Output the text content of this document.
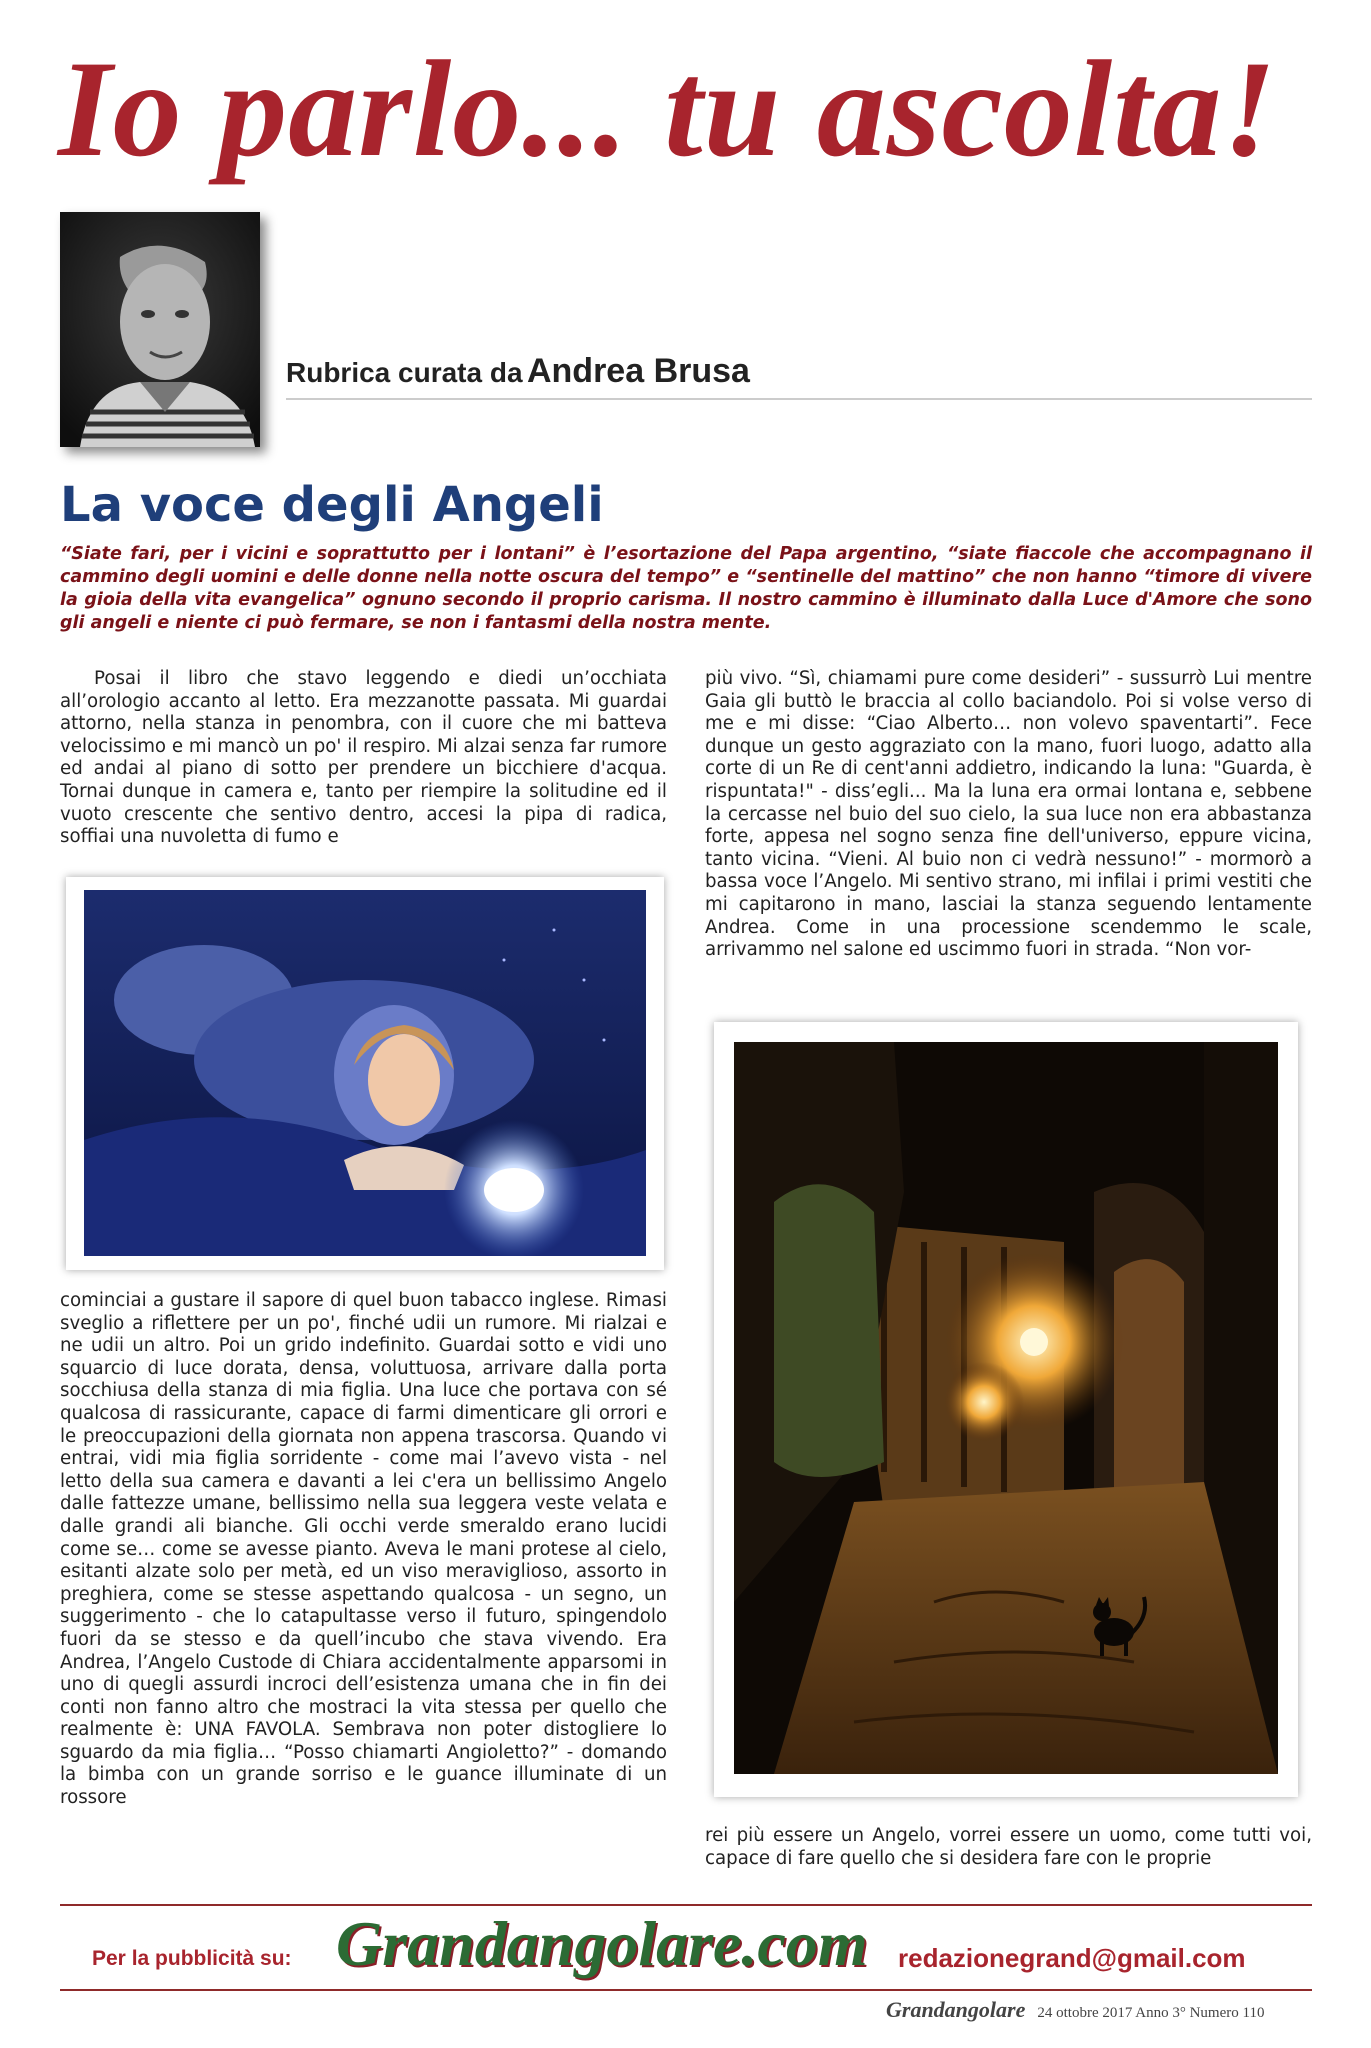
Io parlo... tu ascolta!
Rubrica curata da Andrea Brusa
La voce degli Angeli

“Siate fari, per i vicini e soprattutto per i lontani” è l’esortazione del Papa argentino, “siate fiaccole che accompagnano il cammino degli uomini e delle donne nella notte oscura del tempo” e “sentinelle del mattino” che non hanno “timore di vivere la gioia della vita evangelica” ognuno secondo il proprio carisma. Il nostro cammino è illuminato dalla Luce d'Amore che sono gli angeli e niente ci può fermare, se non i fantasmi della nostra mente.

Posai il libro che stavo leggendo e diedi un’occhiata all’orologio accanto al letto. Era mezzanotte passata. Mi guardai attorno, nella stanza in penombra, con il cuore che mi batteva velocissimo e mi mancò un po' il respiro. Mi alzai senza far rumore ed andai al piano di sotto per prendere un bicchiere d'acqua. Tornai dunque in camera e, tanto per riempire la solitudine ed il vuoto crescente che sentivo dentro, accesi la pipa di radica, soffiai una nuvoletta di fumo e

cominciai a gustare il sapore di quel buon tabacco inglese. Rimasi sveglio a riflettere per un po', finché udii un rumore. Mi rialzai e ne udii un altro. Poi un grido indefinito. Guardai sotto e vidi uno squarcio di luce dorata, densa, voluttuosa, arrivare dalla porta socchiusa della stanza di mia figlia. Una luce che portava con sé qualcosa di rassicurante, capace di farmi dimenticare gli orrori e le preoccupazioni della giornata non appena trascorsa. Quando vi entrai, vidi mia figlia sorridente - come mai l’avevo vista - nel letto della sua camera e davanti a lei c'era un bellissimo Angelo dalle fattezze umane, bellissimo nella sua leggera veste velata e dalle grandi ali bianche. Gli occhi verde smeraldo erano lucidi come se… come se avesse pianto. Aveva le mani protese al cielo, esitanti alzate solo per metà, ed un viso meraviglioso, assorto in preghiera, come se stesse aspettando qualcosa - un segno, un suggerimento - che lo catapultasse verso il futuro, spingendolo fuori da se stesso e da quell’incubo che stava vivendo. Era Andrea, l’Angelo Custode di Chiara accidentalmente apparsomi in uno di quegli assurdi incroci dell’esistenza umana che in fin dei conti non fanno altro che mostraci la vita stessa per quello che realmente è: UNA FAVOLA. Sembrava non poter distogliere lo sguardo da mia figlia… “Posso chiamarti Angioletto?” - domando la bimba con un grande sorriso e le guance illuminate di un rossore

più vivo. “Sì, chiamami pure come desideri” - sussurrò Lui mentre Gaia gli buttò le braccia al collo baciandolo. Poi si volse verso di me e mi disse: “Ciao Alberto… non volevo spaventarti”. Fece dunque un gesto aggraziato con la mano, fuori luogo, adatto alla corte di un Re di cent'anni addietro, indicando la luna: "Guarda, è rispuntata!" - diss’egli... Ma la luna era ormai lontana e, sebbene la cercasse nel buio del suo cielo, la sua luce non era abbastanza forte, appesa nel sogno senza fine dell'universo, eppure vicina, tanto vicina. “Vieni. Al buio non ci vedrà nessuno!” - mormorò a bassa voce l’Angelo. Mi sentivo strano, mi infilai i primi vestiti che mi capitarono in mano, lasciai la stanza seguendo lentamente Andrea. Come in una processione scendemmo le scale, arrivammo nel salone ed uscimmo fuori in strada. “Non vor-

rei più essere un Angelo, vorrei essere un uomo, come tutti voi, capace di fare quello che si desidera fare con le proprie

Per la pubblicità su: Grandangolare.com redazionegrand@gmail.com
Grandangolare 24 ottobre 2017 Anno 3° Numero 110
